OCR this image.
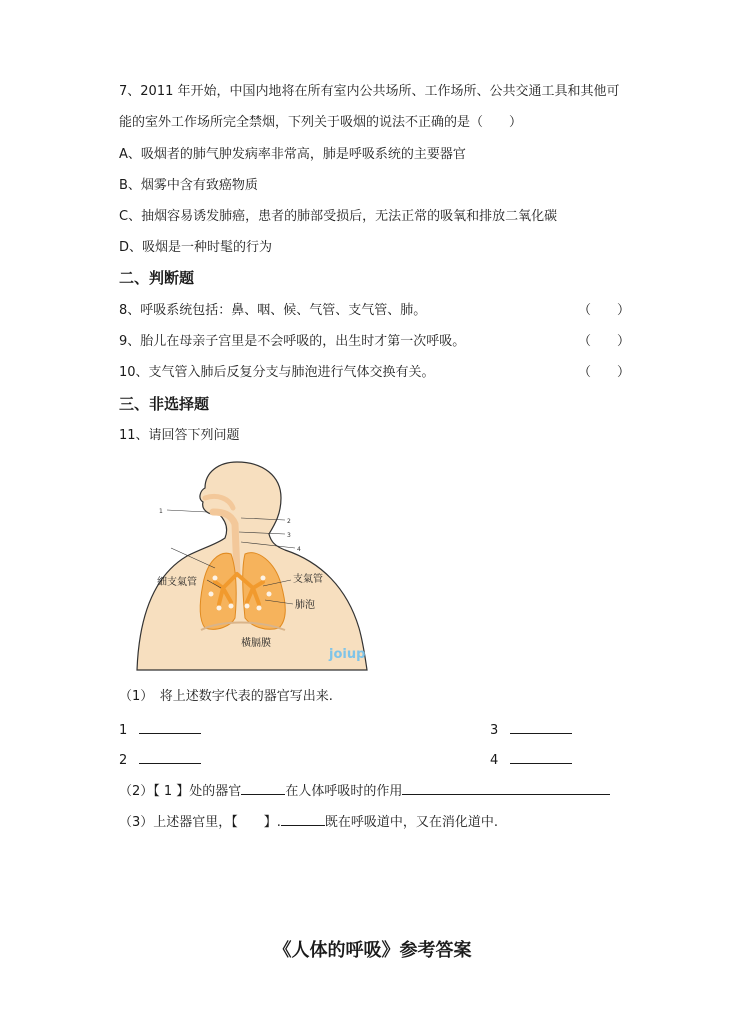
7、2011 年开始，中国内地将在所有室内公共场所、工作场所、公共交通工具和其他可
能的室外工作场所完全禁烟，下列关于吸烟的说法不正确的是（　　）
A、吸烟者的肺气肿发病率非常高，肺是呼吸系统的主要器官
B、烟雾中含有致癌物质
C、抽烟容易诱发肺癌，患者的肺部受损后，无法正常的吸氧和排放二氧化碳
D、吸烟是一种时髦的行为
二、判断题
8、呼吸系统包括：鼻、咽、候、气管、支气管、肺。	（　　）
9、胎儿在母亲子宫里是不会呼吸的，出生时才第一次呼吸。	（　　）
10、支气管入肺后反复分支与肺泡进行气体交换有关。	（　　）
三、非选择题
11、请回答下列问题
1
2
3
4
細支氣管	支氣管
肺泡
橫膈膜
joiup
（1）　将上述数字代表的器官写出来.
1	3
2	4
（2）【 1 】处的器官	在人体呼吸时的作用
（3）上述器官里，【　　】.	既在呼吸道中，又在消化道中.
《人体的呼吸》参考答案
